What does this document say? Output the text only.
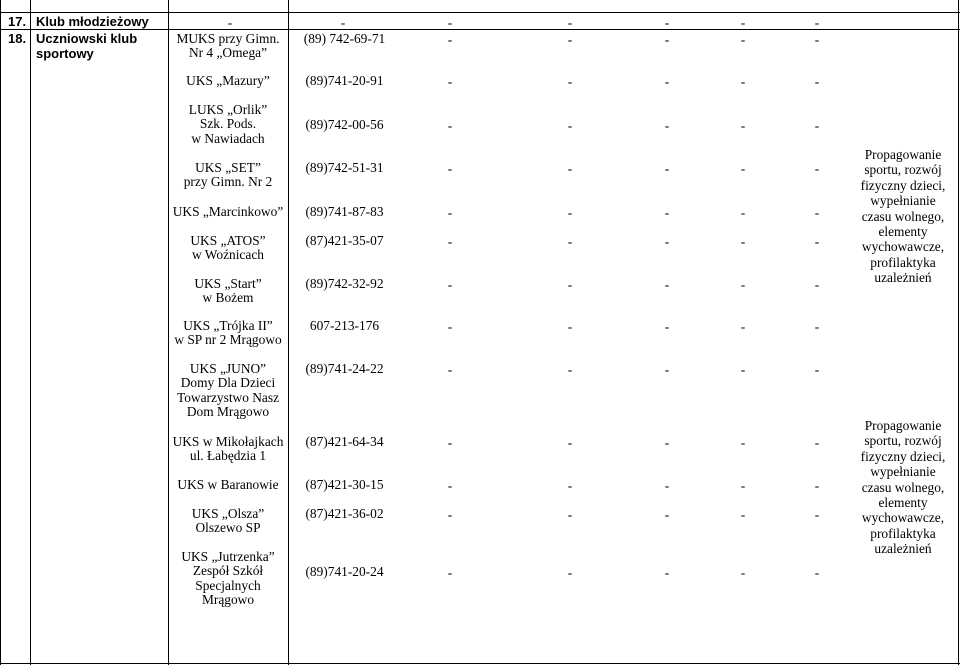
17. Klub młodzieżowy	-	-	-	-	-	-	-
18. Uczniowski klub
sportowy
MUKS przy Gimn.
Nr 4 „Omega”
(89) 742-69-71	-	-	-	-	-
UKS „Mazury”	(89)741-20-91	-	-	-	-	-
LUKS „Orlik”
Szk. Pods.
w Nawiadach
(89)742-00-56	-	-	-	-	-
UKS „SET”
przy Gimn. Nr 2
(89)742-51-31	-	-	-	-	-
UKS „Marcinkowo”	(89)741-87-83	-	-	-	-	-
UKS „ATOS”
w Woźnicach
(87)421-35-07	-	-	-	-	-
UKS „Start”
w Bożem
(89)742-32-92	-	-	-	-	-
UKS „Trójka II”
w SP nr 2 Mrągowo
607-213-176	-	-	-	-	-
UKS „JUNO”
Domy Dla Dzieci
Towarzystwo Nasz
Dom Mrągowo
(89)741-24-22	-	-	-	-	-
UKS w Mikołajkach
ul. Łabędzia 1
(87)421-64-34	-	-	-	-	-
UKS w Baranowie	(87)421-30-15	-	-	-	-	-
UKS „Olsza”
Olszewo SP
(87)421-36-02	-	-	-	-	-
UKS „Jutrzenka”
Zespół Szkół
Specjalnych
Mrągowo
(89)741-20-24	-	-	-	-	-
Propagowanie
sportu, rozwój
fizyczny dzieci,
wypełnianie
czasu wolnego,
elementy
wychowawcze,
profilaktyka
uzależnień
Propagowanie
sportu, rozwój
fizyczny dzieci,
wypełnianie
czasu wolnego,
elementy
wychowawcze,
profilaktyka
uzależnień
